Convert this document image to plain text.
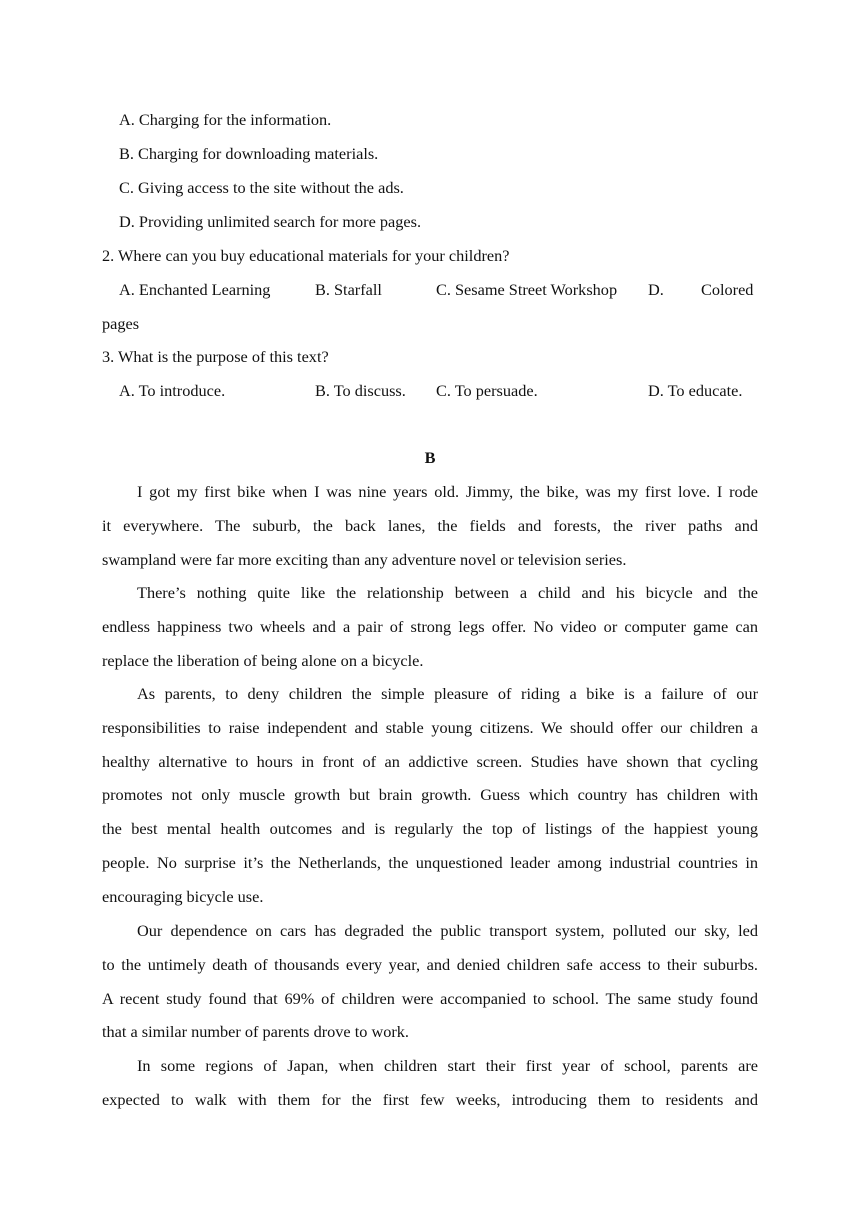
A. Charging for the information.
B. Charging for downloading materials.
C. Giving access to the site without the ads.
D. Providing unlimited search for more pages.
2. Where can you buy educational materials for your children?
A. Enchanted Learning	B. Starfall	C. Sesame Street Workshop D. Colored
pages
3. What is the purpose of this text?
A. To introduce.	B. To discuss. C. To persuade.	D. To educate.
B
I got my first bike when I was nine years old. Jimmy, the bike, was my first love. I rode
it everywhere. The suburb, the back lanes, the fields and forests, the river paths and
swampland were far more exciting than any adventure novel or television series.
There’s nothing quite like the relationship between a child and his bicycle and the
endless happiness two wheels and a pair of strong legs offer. No video or computer game can
replace the liberation of being alone on a bicycle.
As parents, to deny children the simple pleasure of riding a bike is a failure of our
responsibilities to raise independent and stable young citizens. We should offer our children a
healthy alternative to hours in front of an addictive screen. Studies have shown that cycling
promotes not only muscle growth but brain growth. Guess which country has children with
the best mental health outcomes and is regularly the top of listings of the happiest young
people. No surprise it’s the Netherlands, the unquestioned leader among industrial countries in
encouraging bicycle use.
Our dependence on cars has degraded the public transport system, polluted our sky, led
to the untimely death of thousands every year, and denied children safe access to their suburbs.
A recent study found that 69% of children were accompanied to school. The same study found
that a similar number of parents drove to work.
In some regions of Japan, when children start their first year of school, parents are
expected to walk with them for the first few weeks, introducing them to residents and
